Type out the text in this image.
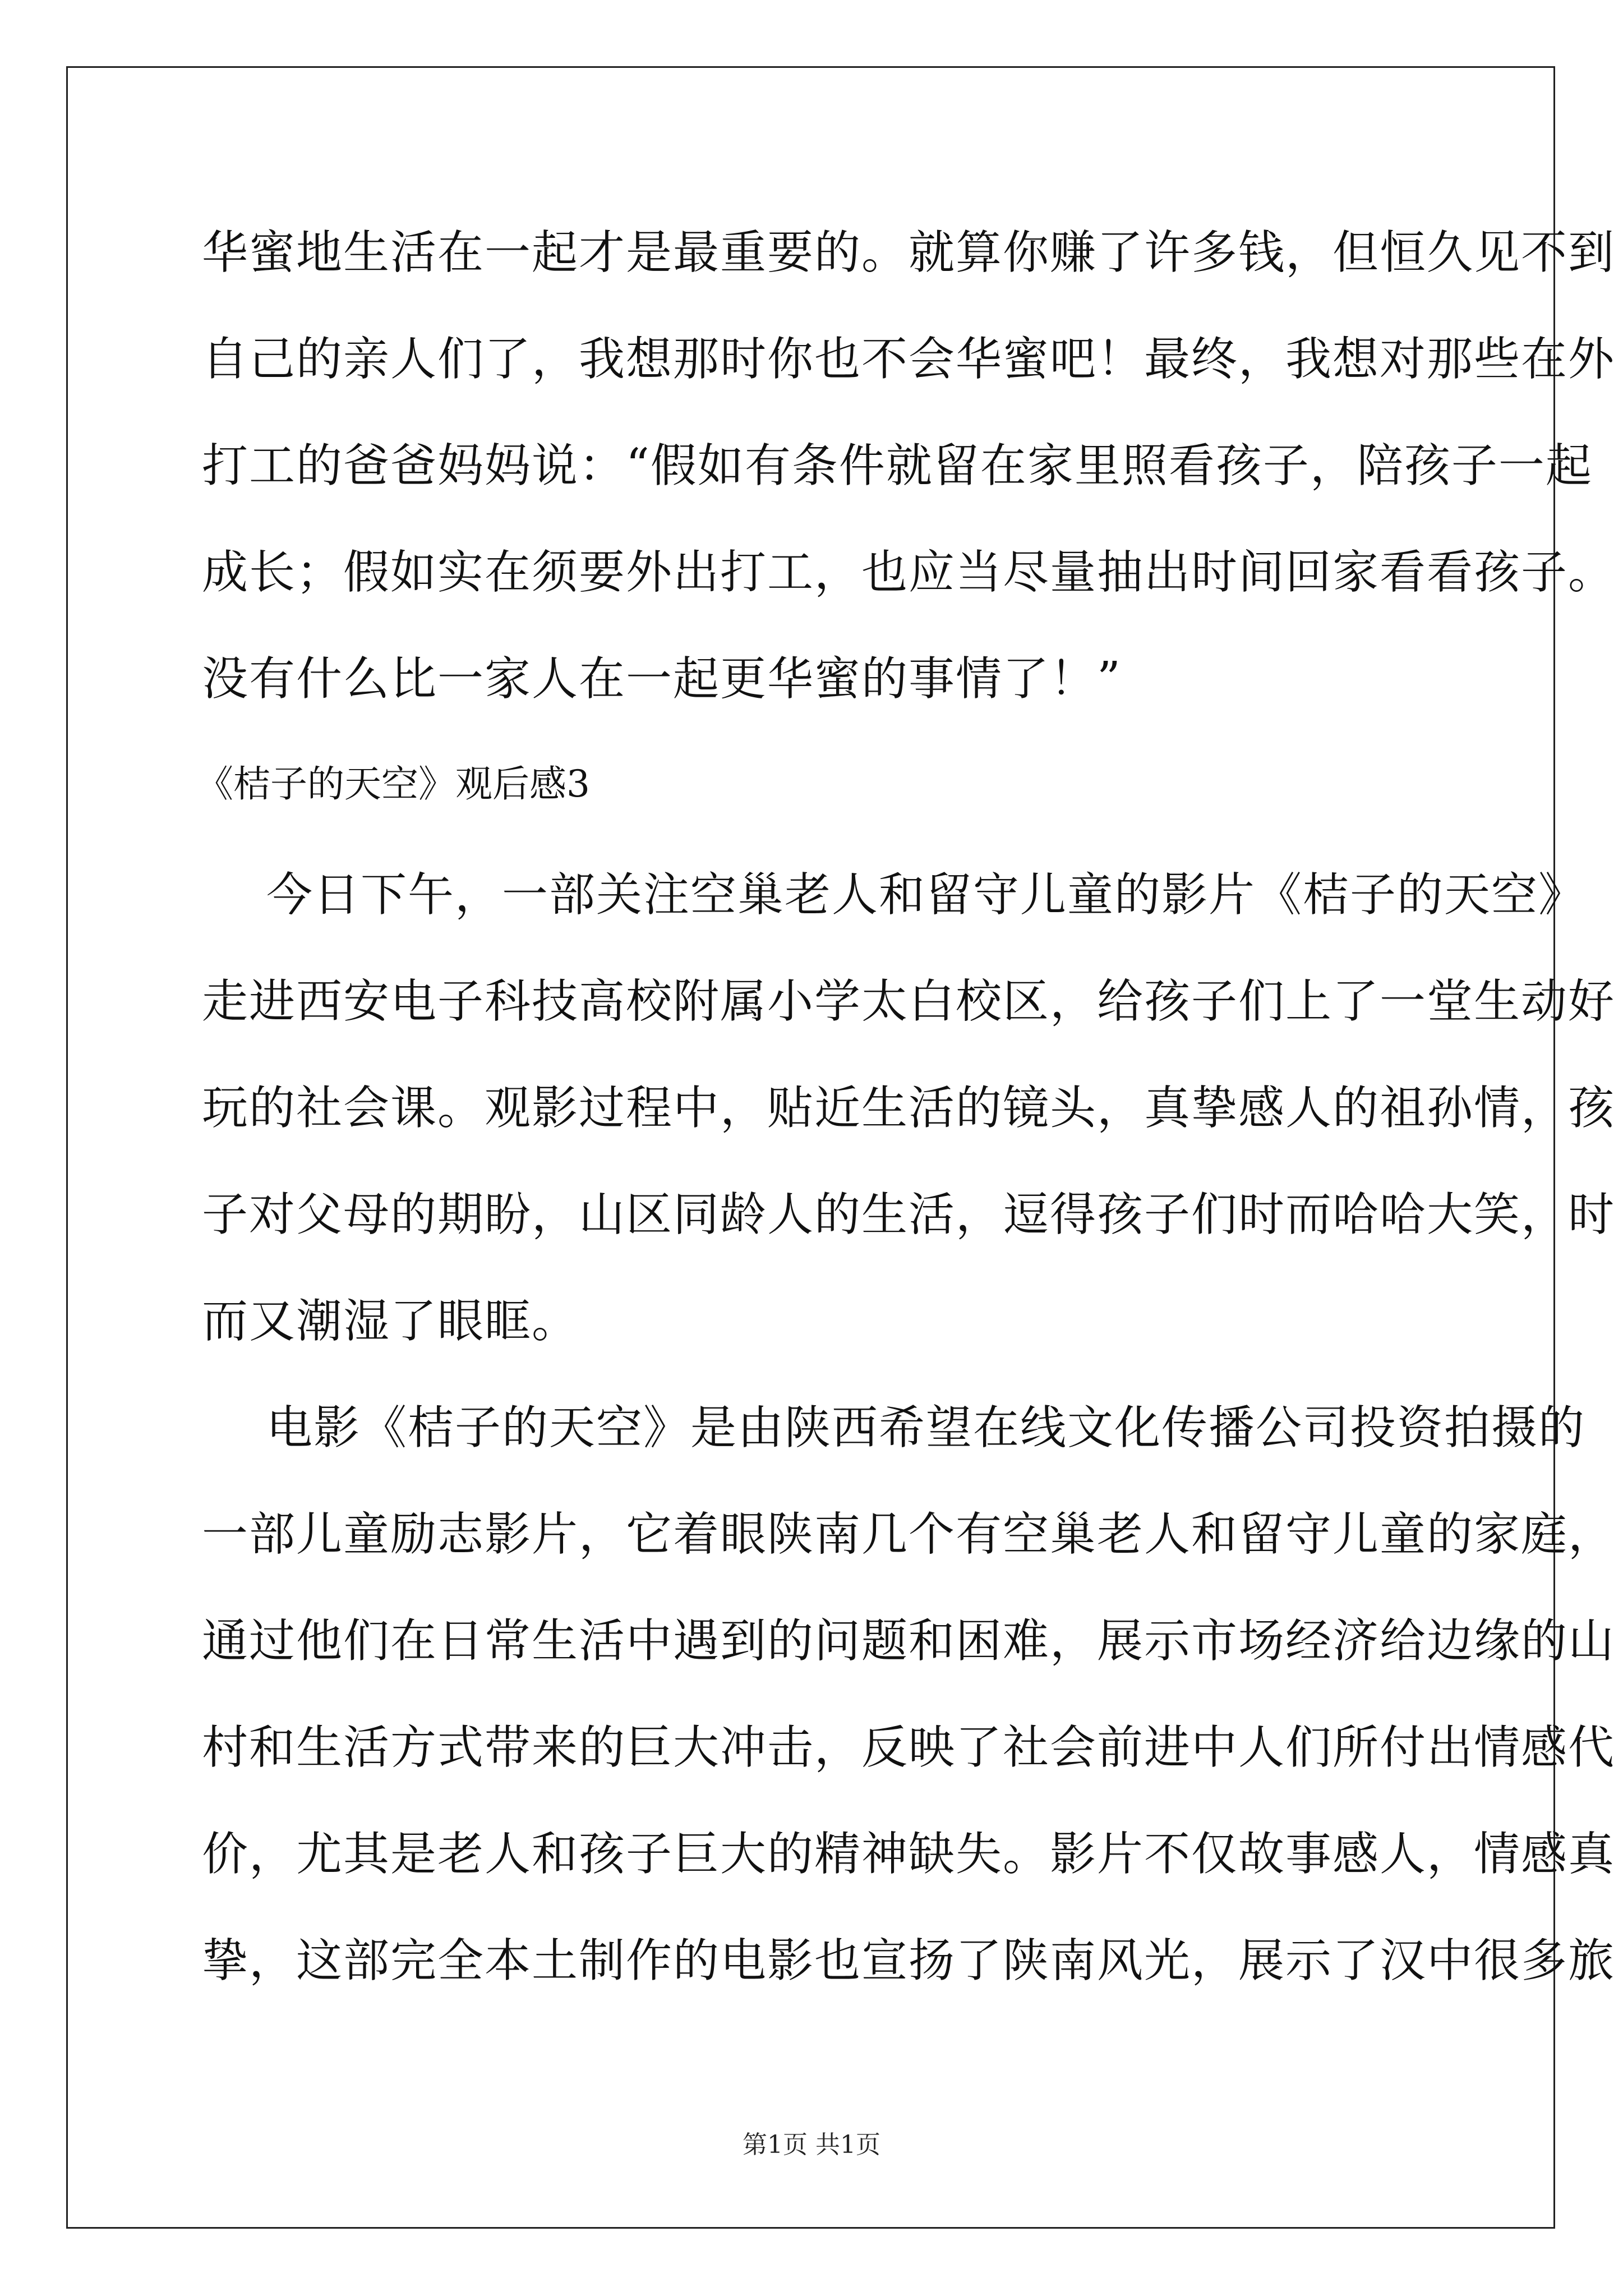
华蜜地生活在一起才是最重要的。就算你赚了许多钱，但恒久见不到
自己的亲人们了，我想那时你也不会华蜜吧！最终，我想对那些在外
打工的爸爸妈妈说：“假如有条件就留在家里照看孩子，陪孩子一起
成长；假如实在须要外出打工，也应当尽量抽出时间回家看看孩子。
没有什么比一家人在一起更华蜜的事情了！”
《桔子的天空》观后感3
今日下午，一部关注空巢老人和留守儿童的影片《桔子的天空》
走进西安电子科技高校附属小学太白校区，给孩子们上了一堂生动好
玩的社会课。观影过程中，贴近生活的镜头，真挚感人的祖孙情，孩
子对父母的期盼，山区同龄人的生活，逗得孩子们时而哈哈大笑，时
而又潮湿了眼眶。
电影《桔子的天空》是由陕西希望在线文化传播公司投资拍摄的
一部儿童励志影片，它着眼陕南几个有空巢老人和留守儿童的家庭，
通过他们在日常生活中遇到的问题和困难，展示市场经济给边缘的山
村和生活方式带来的巨大冲击，反映了社会前进中人们所付出情感代
价，尤其是老人和孩子巨大的精神缺失。影片不仅故事感人，情感真
挚，这部完全本土制作的电影也宣扬了陕南风光，展示了汉中很多旅
第1页 共1页
